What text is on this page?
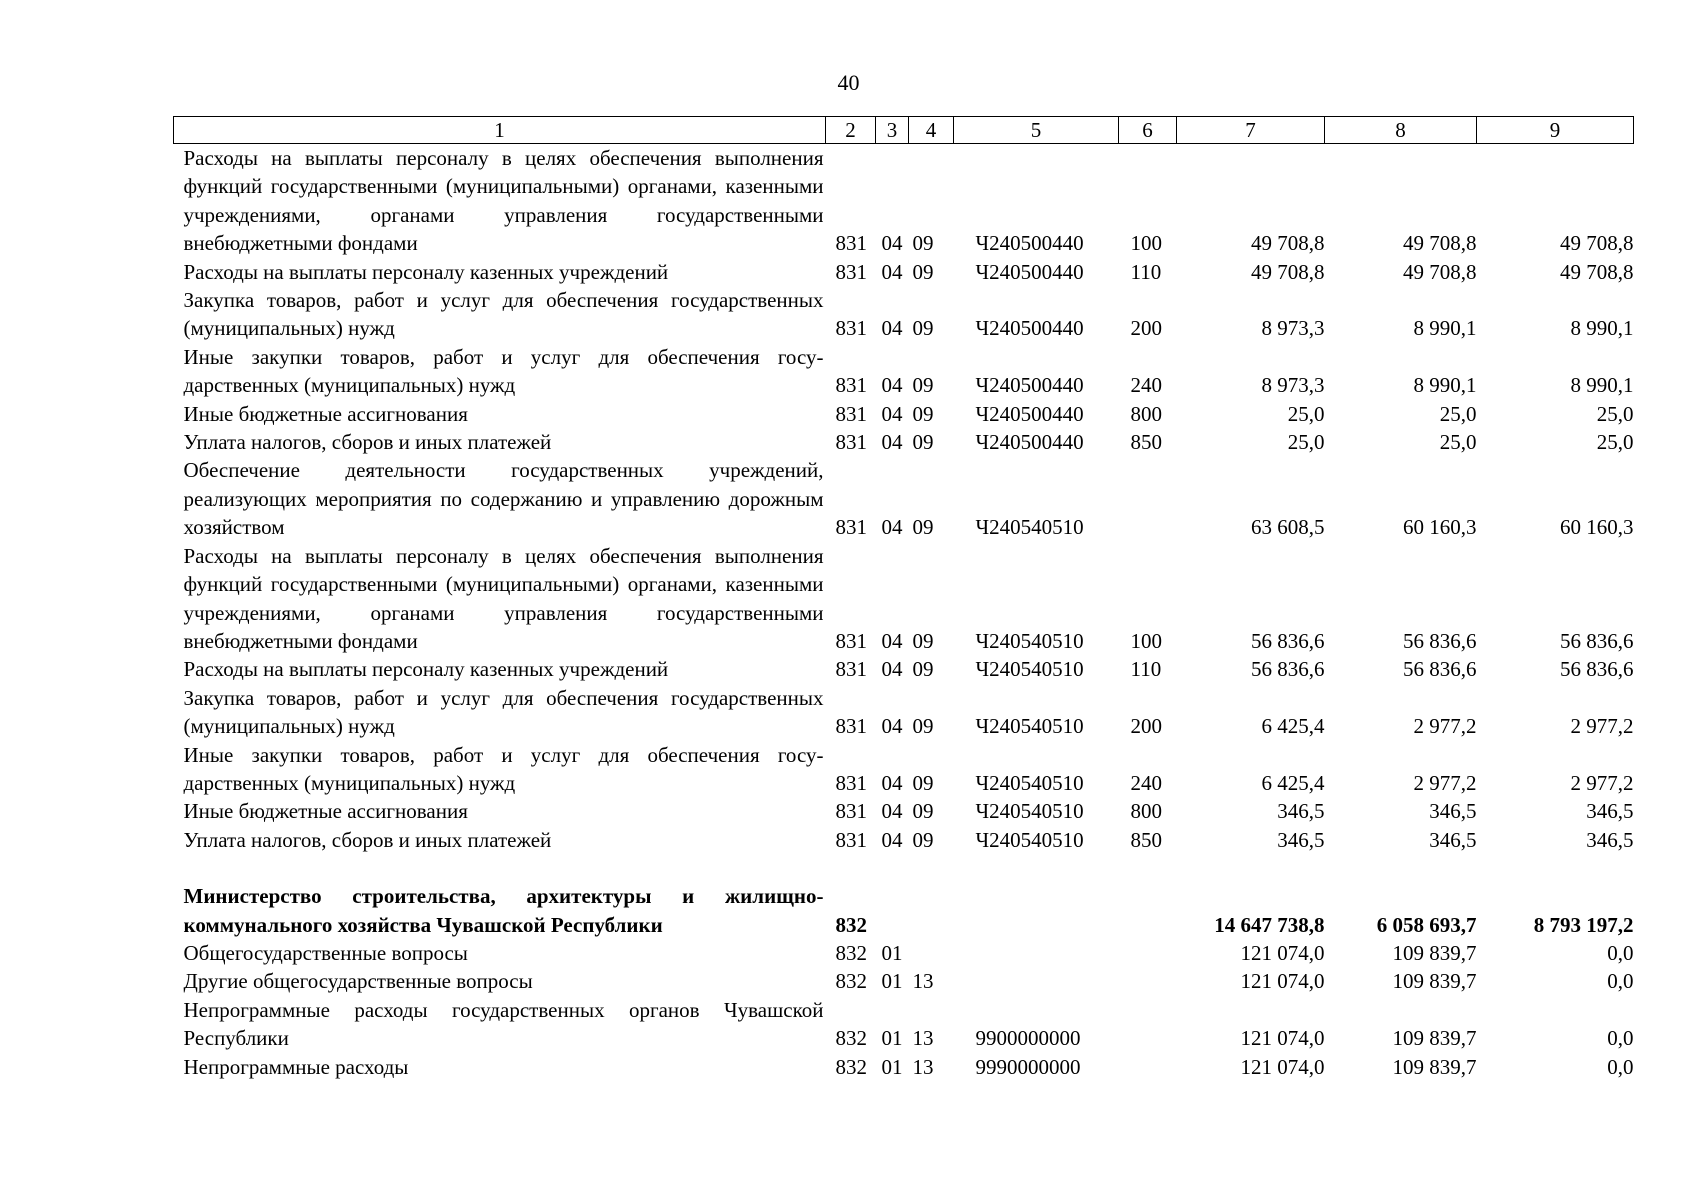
40
1	2	3	4	5	6	7	8	9
Расходы на выплаты персоналу в целях обеспечения выполнения функций государственными (муниципальными) органами, казенными учреждениями, органами управления государственными внебюджетными фондами	831	04	09	Ч240500440	100	49 708,8	49 708,8	49 708,8
Расходы на выплаты персоналу казенных учреждений	831	04	09	Ч240500440	110	49 708,8	49 708,8	49 708,8
Закупка товаров, работ и услуг для обеспечения государственных (муниципальных) нужд	831	04	09	Ч240500440	200	8 973,3	8 990,1	8 990,1
Иные закупки товаров, работ и услуг для обеспечения государственных (муниципальных) нужд	831	04	09	Ч240500440	240	8 973,3	8 990,1	8 990,1
Иные бюджетные ассигнования	831	04	09	Ч240500440	800	25,0	25,0	25,0
Уплата налогов, сборов и иных платежей	831	04	09	Ч240500440	850	25,0	25,0	25,0
Обеспечение деятельности государственных учреждений, реализующих мероприятия по содержанию и управлению дорожным хозяйством	831	04	09	Ч240540510		63 608,5	60 160,3	60 160,3
Расходы на выплаты персоналу в целях обеспечения выполнения функций государственными (муниципальными) органами, казенными учреждениями, органами управления государственными внебюджетными фондами	831	04	09	Ч240540510	100	56 836,6	56 836,6	56 836,6
Расходы на выплаты персоналу казенных учреждений	831	04	09	Ч240540510	110	56 836,6	56 836,6	56 836,6
Закупка товаров, работ и услуг для обеспечения государственных (муниципальных) нужд	831	04	09	Ч240540510	200	6 425,4	2 977,2	2 977,2
Иные закупки товаров, работ и услуг для обеспечения государственных (муниципальных) нужд	831	04	09	Ч240540510	240	6 425,4	2 977,2	2 977,2
Иные бюджетные ассигнования	831	04	09	Ч240540510	800	346,5	346,5	346,5
Уплата налогов, сборов и иных платежей	831	04	09	Ч240540510	850	346,5	346,5	346,5

Министерство строительства, архитектуры и жилищно-коммунального хозяйства Чувашской Республики	832					14 647 738,8	6 058 693,7	8 793 197,2
Общегосударственные вопросы	832	01				121 074,0	109 839,7	0,0
Другие общегосударственные вопросы	832	01	13			121 074,0	109 839,7	0,0
Непрограммные расходы государственных органов Чувашской Республики	832	01	13	9900000000		121 074,0	109 839,7	0,0
Непрограммные расходы	832	01	13	9990000000		121 074,0	109 839,7	0,0
